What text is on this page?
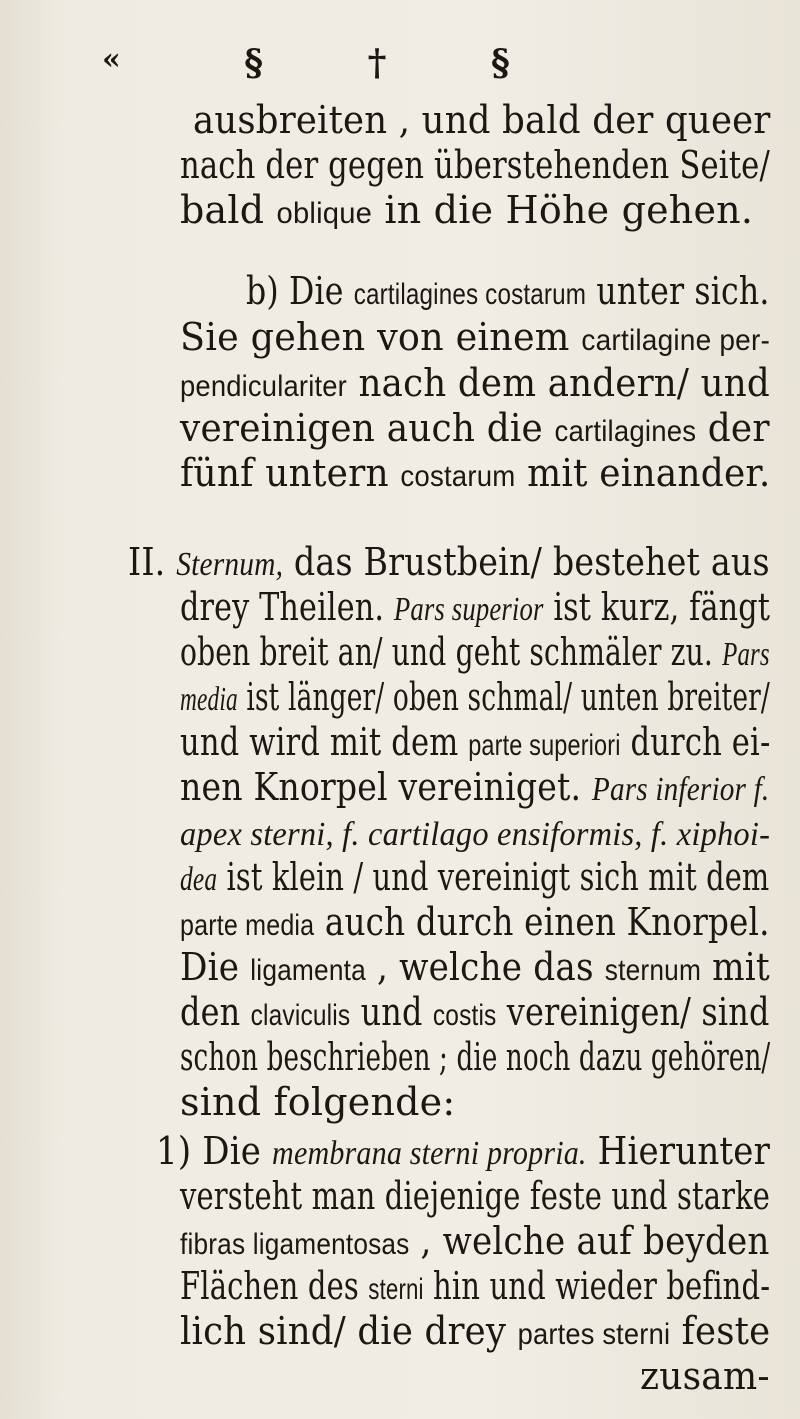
«	§ † §
ausbreiten , und bald der queer
nach der gegen überstehenden Seite/
bald oblique in die Höhe gehen.
b) Die cartilagines costarum unter sich.
Sie gehen von einem cartilagine per-
pendiculariter nach dem andern/ und
vereinigen auch die cartilagines der
fünf untern costarum mit einander.
II. Sternum, das Brustbein/ bestehet aus
drey Theilen. Pars superior ist kurz, fängt
oben breit an/ und geht schmäler zu. Pars
media ist länger/ oben schmal/ unten breiter/
und wird mit dem parte superiori durch ei-
nen Knorpel vereiniget. Pars inferior f.
apex sterni, f. cartilago ensiformis, f. xiphoi-
dea ist klein / und vereinigt sich mit dem
parte media auch durch einen Knorpel.
Die ligamenta , welche das sternum mit
den claviculis und costis vereinigen/ sind
schon beschrieben ; die noch dazu gehören/
sind folgende:
1) Die membrana sterni propria. Hierunter
versteht man diejenige feste und starke
fibras ligamentosas , welche auf beyden
Flächen des sterni hin und wieder befind-
lich sind/ die drey partes sterni feste
zusam-
